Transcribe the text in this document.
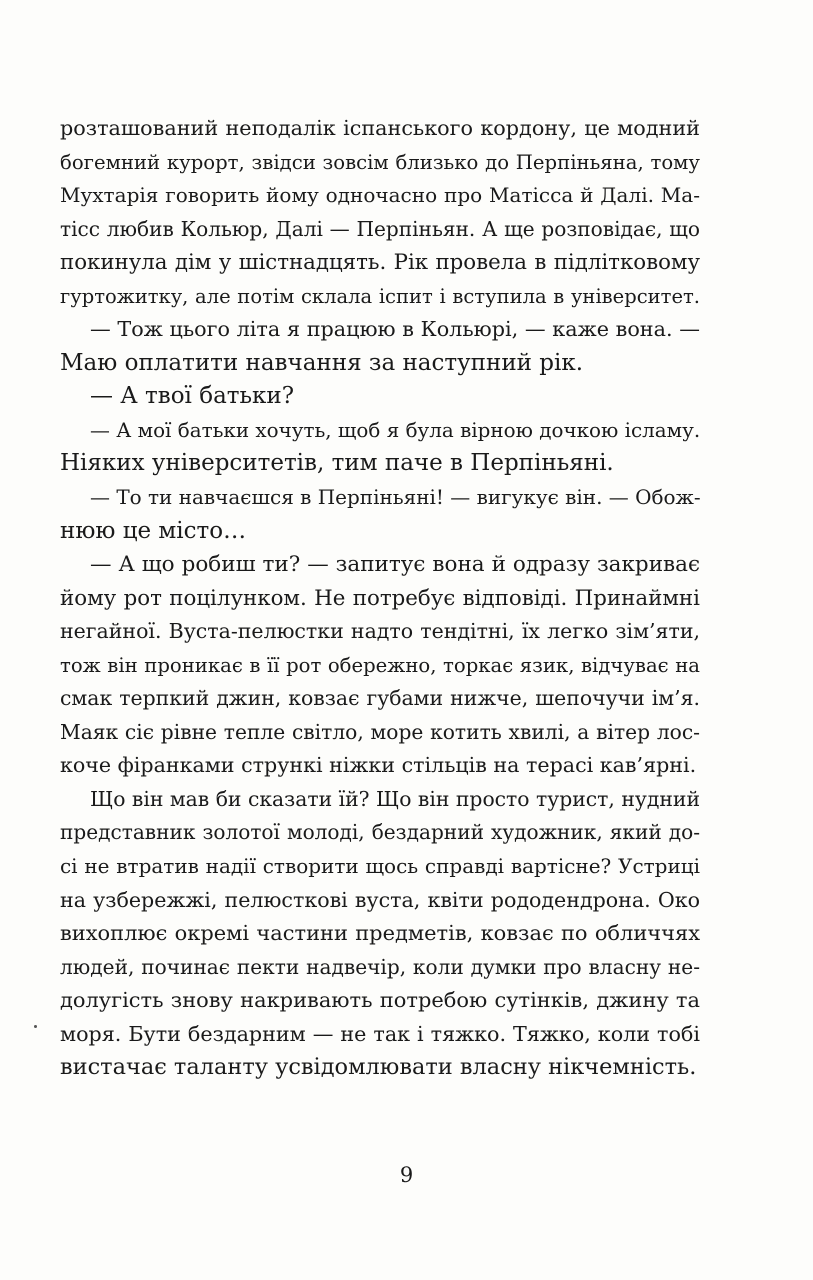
розташований неподалік іспанського кордону, це модний
богемний курорт, звідси зовсім близько до Перпіньяна, тому
Мухтарія говорить йому одночасно про Матісса й Далі. Ма-
тісс любив Кольюр, Далі — Перпіньян. А ще розповідає, що
покинула дім у шістнадцять. Рік провела в підлітковому
гуртожитку, але потім склала іспит і вступила в університет.
— Тож цього літа я працюю в Кольюрі, — каже вона. —
Маю оплатити навчання за наступний рік.
— А твої батьки?
— А мої батьки хочуть, щоб я була вірною дочкою ісламу.
Ніяких університетів, тим паче в Перпіньяні.
— То ти навчаєшся в Перпіньяні! — вигукує він. — Обож-
нюю це місто…
— А що робиш ти? — запитує вона й одразу закриває
йому рот поцілунком. Не потребує відповіді. Принаймні
негайної. Вуста-пелюстки надто тендітні, їх легко зім’яти,
тож він проникає в її рот обережно, торкає язик, відчуває на
смак терпкий джин, ковзає губами нижче, шепочучи ім’я.
Маяк сіє рівне тепле світло, море котить хвилі, а вітер лос-
коче фіранками стрункі ніжки стільців на терасі кав’ярні.
Що він мав би сказати їй? Що він просто турист, нудний
представник золотої молоді, бездарний художник, який до-
сі не втратив надії створити щось справді вартісне? Устриці
на узбережжі, пелюсткові вуста, квіти рододендрона. Око
вихоплює окремі частини предметів, ковзає по обличчях
людей, починає пекти надвечір, коли думки про власну не-
долугість знову накривають потребою сутінків, джину та
моря. Бути бездарним — не так і тяжко. Тяжко, коли тобі
вистачає таланту усвідомлювати власну нікчемність.
9
